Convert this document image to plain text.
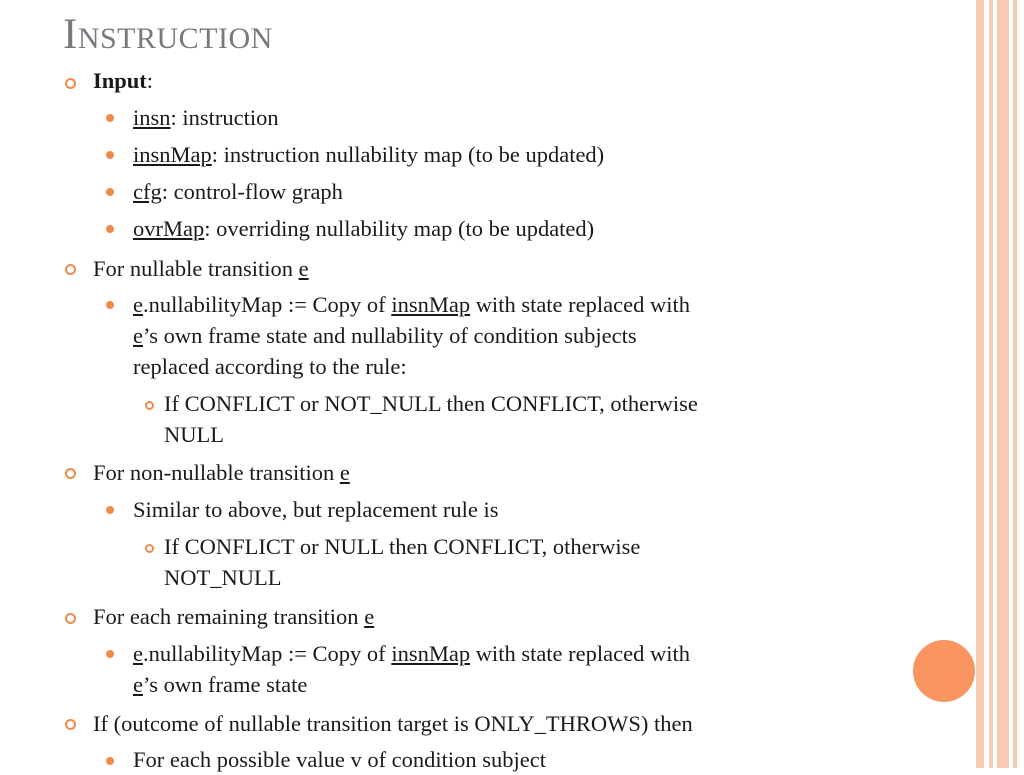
Instruction
Input:
insn: instruction
insnMap: instruction nullability map (to be updated)
cfg: control-flow graph
ovrMap: overriding nullability map (to be updated)
For nullable transition e
e.nullabilityMap := Copy of insnMap with state replaced with
e’s own frame state and nullability of condition subjects
replaced according to the rule:
If CONFLICT or NOT_NULL then CONFLICT, otherwise
NULL
For non-nullable transition e
Similar to above, but replacement rule is
If CONFLICT or NULL then CONFLICT, otherwise
NOT_NULL
For each remaining transition e
e.nullabilityMap := Copy of insnMap with state replaced with
e’s own frame state
If (outcome of nullable transition target is ONLY_THROWS) then
For each possible value v of condition subject
